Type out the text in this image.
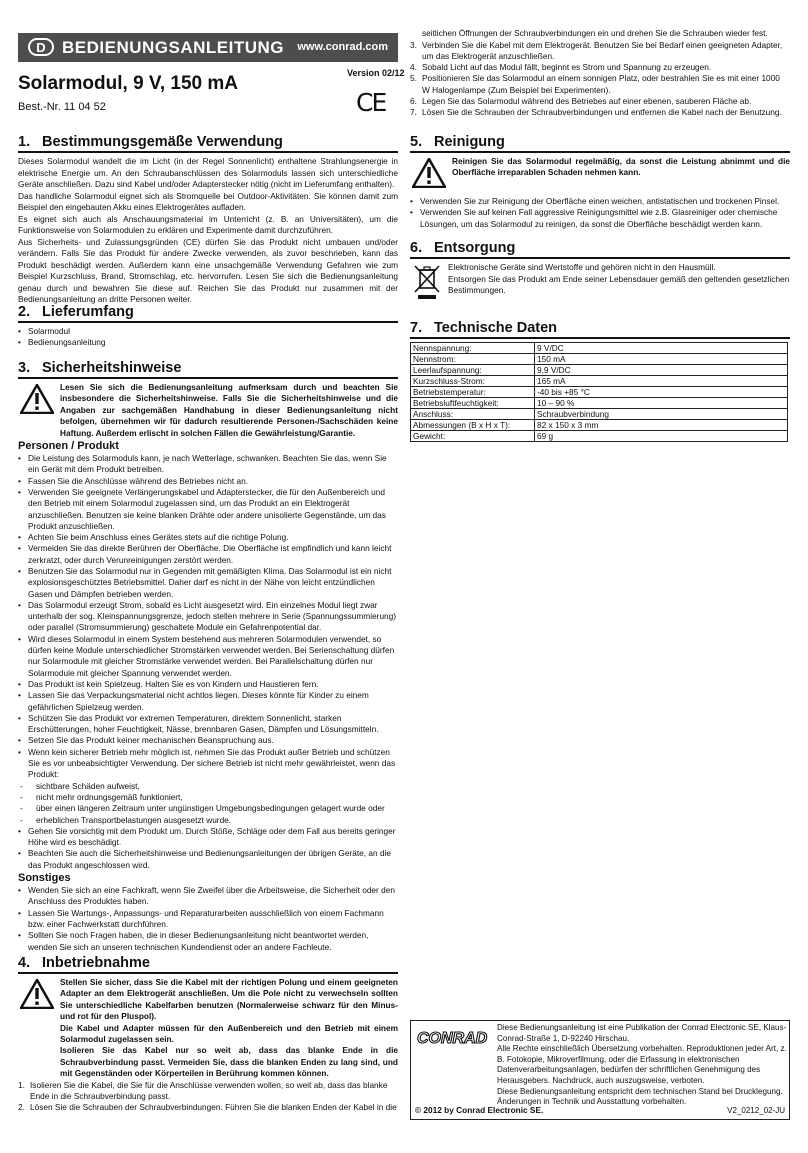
D BEDIENUNGSANLEITUNG www.conrad.com
Version 02/12
Solarmodul, 9 V, 150 mA
Best.-Nr. 11 04 52	CE
1. Bestimmungsgemäße Verwendung
Dieses Solarmodul wandelt die im Licht (in der Regel Sonnenlicht) enthaltene Strahlungsenergie in elektrische Energie um. An den Schraubanschlüssen des Solarmoduls lassen sich unterschiedliche Geräte anschließen. Dazu sind Kabel und/oder Adapterstecker nötig (nicht im Lieferumfang enthalten).
Das handliche Solarmodul eignet sich als Stromquelle bei Outdoor-Aktivitäten. Sie können damit zum Beispiel den eingebauten Akku eines Elektrogerätes aufladen.
Es eignet sich auch als Anschauungsmaterial im Unterricht (z. B. an Universitäten), um die Funktionsweise von Solarmodulen zu erklären und Experimente damit durchzuführen.
Aus Sicherheits- und Zulassungsgründen (CE) dürfen Sie das Produkt nicht umbauen und/oder verändern. Falls Sie das Produkt für andere Zwecke verwenden, als zuvor beschrieben, kann das Produkt beschädigt werden. Außerdem kann eine unsachgemäße Verwendung Gefahren wie zum Beispiel Kurzschluss, Brand, Stromschlag, etc. hervorrufen. Lesen Sie sich die Bedienungsanleitung genau durch und bewahren Sie diese auf. Reichen Sie das Produkt nur zusammen mit der Bedienungsanleitung an dritte Personen weiter.
2. Lieferumfang
• Solarmodul
• Bedienungsanleitung
3. Sicherheitshinweise
Lesen Sie sich die Bedienungsanleitung aufmerksam durch und beachten Sie insbesondere die Sicherheitshinweise. Falls Sie die Sicherheitshinweise und die Angaben zur sachgemäßen Handhabung in dieser Bedienungsanleitung nicht befolgen, übernehmen wir für dadurch resultierende Personen-/Sachschäden keine Haftung. Außerdem erlischt in solchen Fällen die Gewährleistung/Garantie.
Personen / Produkt
• Die Leistung des Solarmoduls kann, je nach Wetterlage, schwanken. Beachten Sie das, wenn Sie ein Gerät mit dem Produkt betreiben.
• Fassen Sie die Anschlüsse während des Betriebes nicht an.
• Verwenden Sie geeignete Verlängerungskabel und Adapterstecker, die für den Außenbereich und den Betrieb mit einem Solarmodul zugelassen sind, um das Produkt an ein Elektrogerät anzuschließen. Benutzen sie keine blanken Drähte oder andere unisolierte Gegenstände, um das Produkt anzuschließen.
• Achten Sie beim Anschluss eines Gerätes stets auf die richtige Polung.
• Vermeiden Sie das direkte Berühren der Oberfläche. Die Oberfläche ist empfindlich und kann leicht zerkratzt, oder durch Verunreinigungen zerstört werden.
• Benutzen Sie das Solarmodul nur in Gegenden mit gemäßigten Klima. Das Solarmodul ist ein nicht explosionsgeschütztes Betriebsmittel. Daher darf es nicht in der Nähe von leicht entzündlichen Gasen und Dämpfen betrieben werden.
• Das Solarmodul erzeugt Strom, sobald es Licht ausgesetzt wird. Ein einzelnes Modul liegt zwar unterhalb der sog. Kleinspannungsgrenze, jedoch stellen mehrere in Serie (Spannungssummierung) oder parallel (Stromsummierung) geschaltete Module ein Gefahrenpotential dar.
• Wird dieses Solarmodul in einem System bestehend aus mehreren Solarmodulen verwendet, so dürfen keine Module unterschiedlicher Stromstärken verwendet werden. Bei Serienschaltung dürfen nur Solarmodule mit gleicher Stromstärke verwendet werden. Bei Parallelschaltung dürfen nur Solarmodule mit gleicher Spannung verwendet werden.
• Das Produkt ist kein Spielzeug. Halten Sie es von Kindern und Haustieren fern.
• Lassen Sie das Verpackungsmaterial nicht achtlos liegen. Dieses könnte für Kinder zu einem gefährlichen Spielzeug werden.
• Schützen Sie das Produkt vor extremen Temperaturen, direktem Sonnenlicht, starken Erschütterungen, hoher Feuchtigkeit, Nässe, brennbaren Gasen, Dämpfen und Lösungsmitteln.
• Setzen Sie das Produkt keiner mechanischen Beanspruchung aus.
• Wenn kein sicherer Betrieb mehr möglich ist, nehmen Sie das Produkt außer Betrieb und schützen Sie es vor unbeabsichtigter Verwendung. Der sichere Betrieb ist nicht mehr gewährleistet, wenn das Produkt:
- sichtbare Schäden aufweist,
- nicht mehr ordnungsgemäß funktioniert,
- über einen längeren Zeitraum unter ungünstigen Umgebungsbedingungen gelagert wurde oder
- erheblichen Transportbelastungen ausgesetzt wurde.
• Gehen Sie vorsichtig mit dem Produkt um. Durch Stöße, Schläge oder dem Fall aus bereits geringer Höhe wird es beschädigt.
• Beachten Sie auch die Sicherheitshinweise und Bedienungsanleitungen der übrigen Geräte, an die das Produkt angeschlossen wird.
Sonstiges
• Wenden Sie sich an eine Fachkraft, wenn Sie Zweifel über die Arbeitsweise, die Sicherheit oder den Anschluss des Produktes haben.
• Lassen Sie Wartungs-, Anpassungs- und Reparaturarbeiten ausschließlich von einem Fachmann bzw. einer Fachwerkstatt durchführen.
• Sollten Sie noch Fragen haben, die in dieser Bedienungsanleitung nicht beantwortet werden, wenden Sie sich an unseren technischen Kundendienst oder an andere Fachleute.
4. Inbetriebnahme
Stellen Sie sicher, dass Sie die Kabel mit der richtigen Polung und einem geeigneten Adapter an dem Elektrogerät anschließen. Um die Pole nicht zu verwechseln sollten Sie unterschiedliche Kabelfarben benutzen (Normalerweise schwarz für den Minus- und rot für den Pluspol).
Die Kabel und Adapter müssen für den Außenbereich und den Betrieb mit einem Solarmodul zugelassen sein.
Isolieren Sie das Kabel nur so weit ab, dass das blanke Ende in die Schraubverbindung passt. Vermeiden Sie, dass die blanken Enden zu lang sind, und mit Gegenständen oder Körperteilen in Berührung kommen können.
1. Isolieren Sie die Kabel, die Sie für die Anschlüsse verwenden wollen, so weit ab, dass das blanke Ende in die Schraubverbindung passt.
2. Lösen Sie die Schrauben der Schraubverbindungen. Führen Sie die blanken Enden der Kabel in die
seitlichen Öffnungen der Schraubverbindungen ein und drehen Sie die Schrauben wieder fest.
3. Verbinden Sie die Kabel mit dem Elektrogerät. Benutzen Sie bei Bedarf einen geeigneten Adapter, um das Elektrogerät anzuschließen.
4. Sobald Licht auf das Modul fällt, beginnt es Strom und Spannung zu erzeugen.
5. Positionieren Sie das Solarmodul an einem sonnigen Platz, oder bestrahlen Sie es mit einer 1000 W Halogenlampe (Zum Beispiel bei Experimenten).
6. Legen Sie das Solarmodul während des Betriebes auf einer ebenen, sauberen Fläche ab.
7. Lösen Sie die Schrauben der Schraubverbindungen und entfernen die Kabel nach der Benutzung.
5. Reinigung
Reinigen Sie das Solarmodul regelmäßig, da sonst die Leistung abnimmt und die Oberfläche irreparablen Schaden nehmen kann.
• Verwenden Sie zur Reinigung der Oberfläche einen weichen, antistatischen und trockenen Pinsel.
• Verwenden Sie auf keinen Fall aggressive Reinigungsmittel wie z.B. Glasreiniger oder chemische Lösungen, um das Solarmodul zu reinigen, da sonst die Oberfläche beschädigt werden kann.
6. Entsorgung
Elektronische Geräte sind Wertstoffe und gehören nicht in den Hausmüll.
Entsorgen Sie das Produkt am Ende seiner Lebensdauer gemäß den geltenden gesetzlichen Bestimmungen.
7. Technische Daten
Nennspannung:	9 V/DC
Nennstrom:	150 mA
Leerlaufspannung:	9,9 V/DC
Kurzschluss-Strom:	165 mA
Betriebstemperatur:	-40 bis +85 °C
Betriebsluftfeuchtigkeit:	10 – 90 %
Anschluss:	Schraubverbindung
Abmessungen (B x H x T):	82 x 150 x 3 mm
Gewicht:	69 g
CONRAD
Diese Bedienungsanleitung ist eine Publikation der Conrad Electronic SE, Klaus-Conrad-Straße 1, D-92240 Hirschau.
Alle Rechte einschließlich Übersetzung vorbehalten. Reproduktionen jeder Art, z. B. Fotokopie, Mikroverfilmung, oder die Erfassung in elektronischen Datenverarbeitungsanlagen, bedürfen der schriftlichen Genehmigung des Herausgebers. Nachdruck, auch auszugsweise, verboten.
Diese Bedienungsanleitung entspricht dem technischen Stand bei Drucklegung.
Änderungen in Technik und Ausstattung vorbehalten.
© 2012 by Conrad Electronic SE.	V2_0212_02-JU
